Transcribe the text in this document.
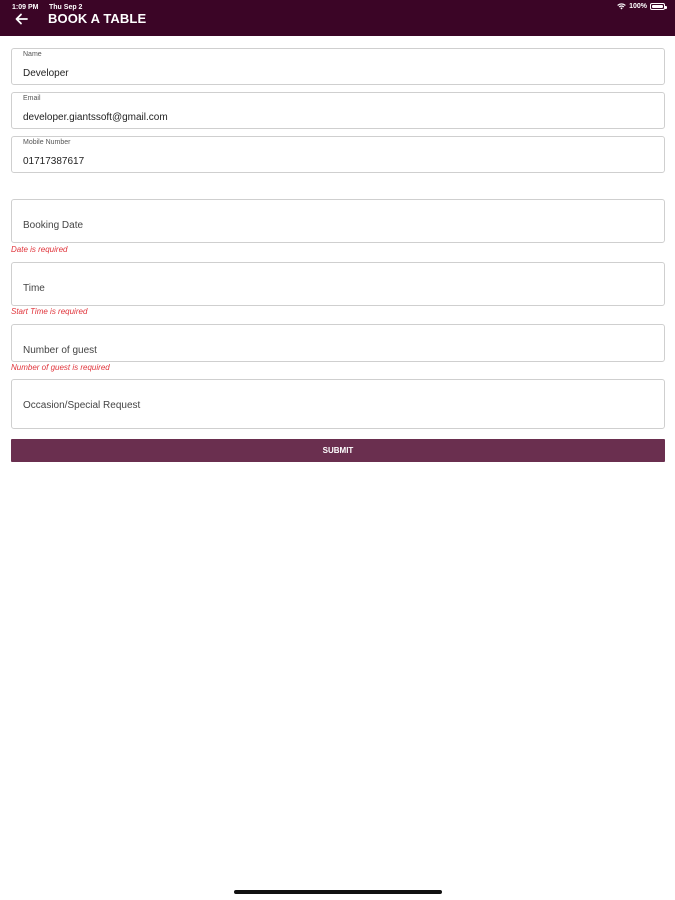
1:09 PM Thu Sep 2	100%
BOOK A TABLE
Name
Developer
Email
developer.giantssoft@gmail.com
Mobile Number
01717387617
Booking Date
Date is required
Time
Start Time is required
Number of guest
Number of guest is required
Occasion/Special Request
SUBMIT
